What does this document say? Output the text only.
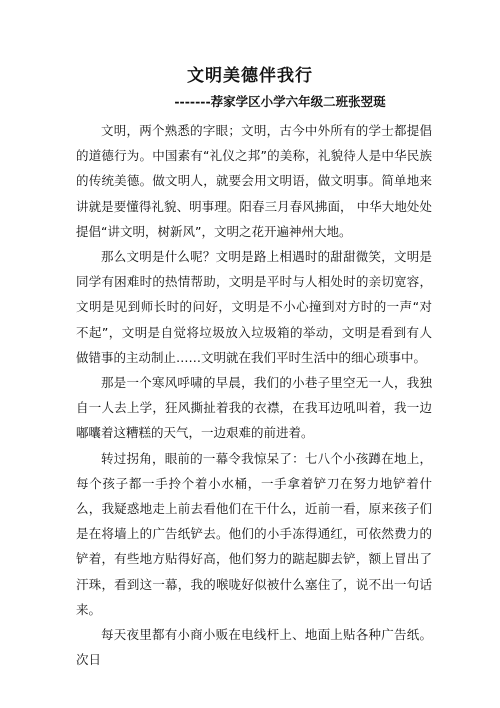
文明美德伴我行

-------荐家学区小学六年级二班张翌珽

文明，两个熟悉的字眼；文明，古今中外所有的学士都提倡的道德行为。中国素有“礼仪之邦”的美称，礼貌待人是中华民族的传统美德。做文明人，就要会用文明语，做文明事。简单地来讲就是要懂得礼貌、明事理。阳春三月春风拂面， 中华大地处处提倡“讲文明，树新风”，文明之花开遍神州大地。

那么文明是什么呢？文明是路上相遇时的甜甜微笑，文明是同学有困难时的热情帮助，文明是平时与人相处时的亲切宽容，文明是见到师长时的问好，文明是不小心撞到对方时的一声“对不起”，文明是自觉将垃圾放入垃圾箱的举动，文明是看到有人做错事的主动制止……文明就在我们平时生活中的细心琐事中。

那是一个寒风呼啸的早晨，我们的小巷子里空无一人，我独自一人去上学，狂风撕扯着我的衣襟，在我耳边吼叫着，我一边嘟囔着这糟糕的天气，一边艰难的前进着。

转过拐角，眼前的一幕令我惊呆了：七八个小孩蹲在地上，每个孩子都一手拎个着小水桶，一手拿着铲刀在努力地铲着什么，我疑惑地走上前去看他们在干什么，近前一看，原来孩子们是在将墙上的广告纸铲去。他们的小手冻得通红，可依然费力的铲着，有些地方贴得好高，他们努力的踮起脚去铲，额上冒出了汗珠，看到这一幕，我的喉咙好似被什么塞住了，说不出一句话来。

每天夜里都有小商小贩在电线杆上、地面上贴各种广告纸。次日
